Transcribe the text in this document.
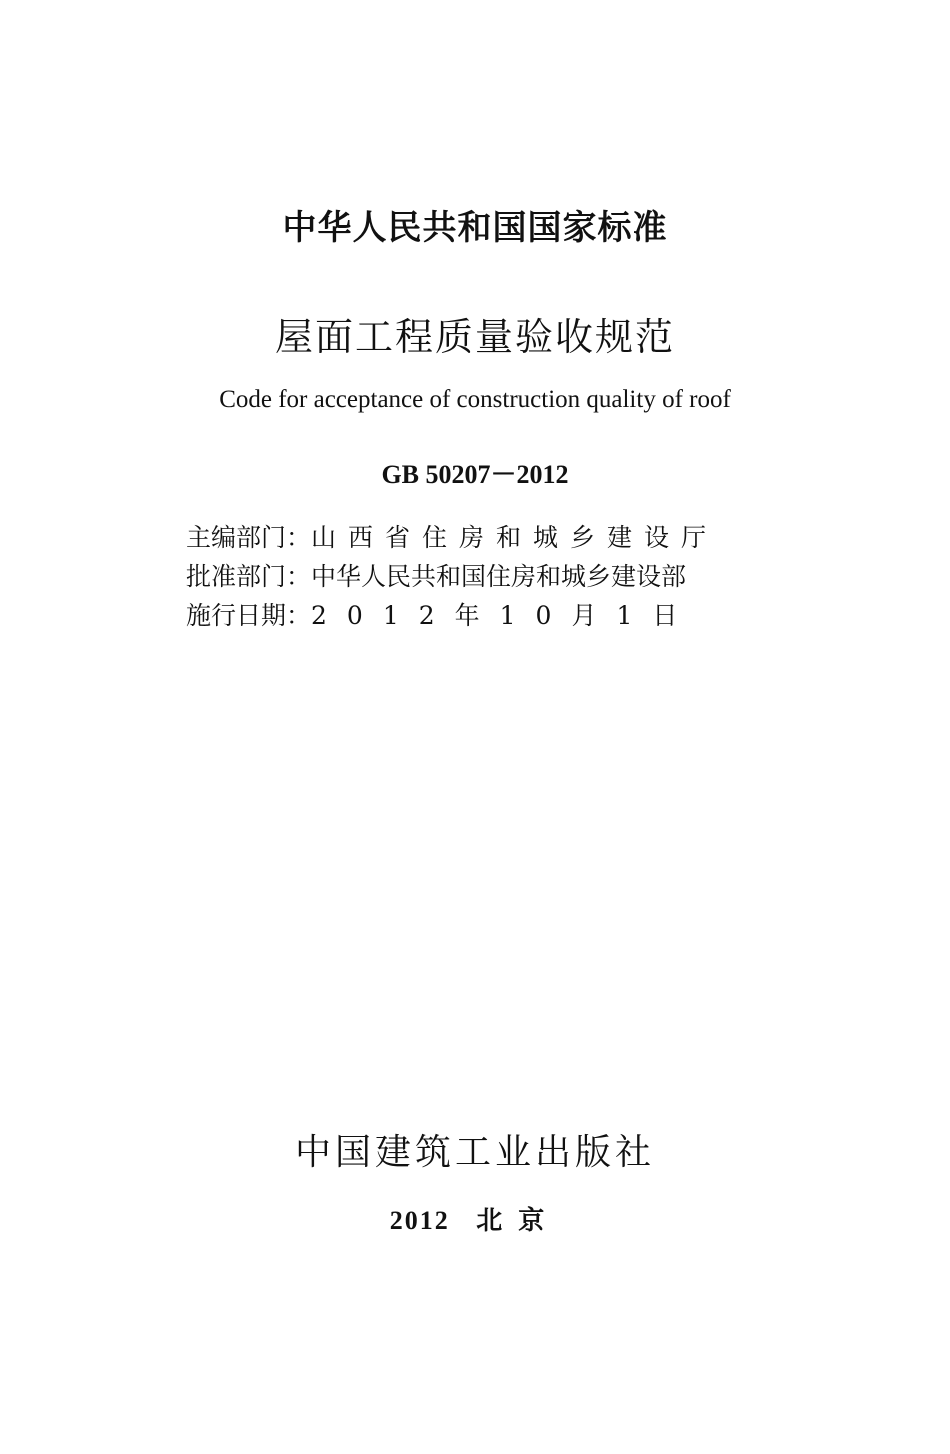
中华人民共和国国家标准
屋面工程质量验收规范
Code for acceptance of construction quality of roof
GB 50207－2012
主编部门： 山西省住房和城乡建设厅
批准部门： 中华人民共和国住房和城乡建设部
施行日期： 2012年10月1日
中国建筑工业出版社
2012 北京
